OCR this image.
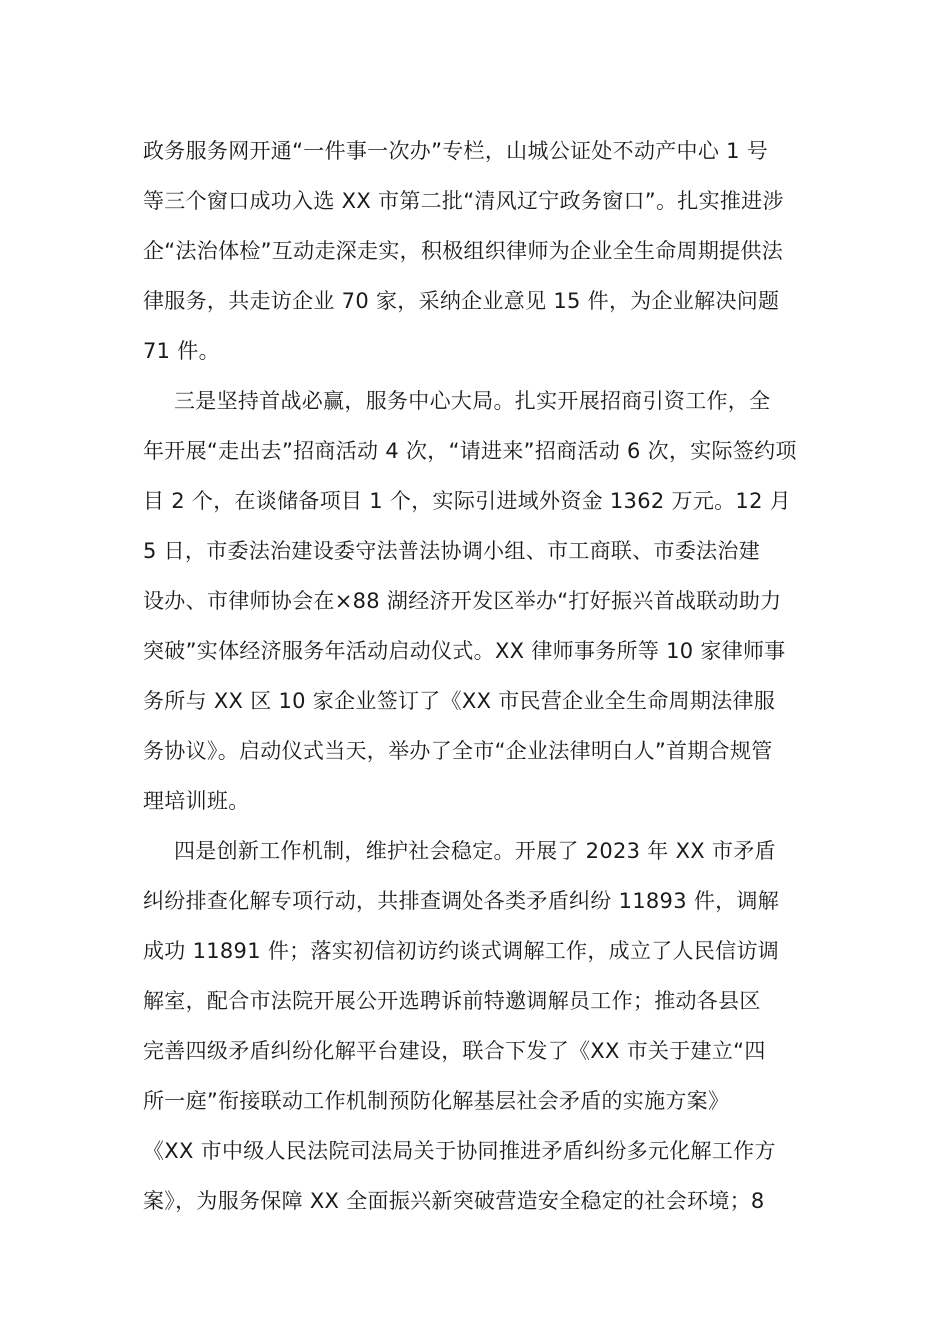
政务服务网开通“一件事一次办”专栏，山城公证处不动产中心 1 号
等三个窗口成功入选 XX 市第二批“清风辽宁政务窗口”。扎实推进涉
企“法治体检”互动走深走实，积极组织律师为企业全生命周期提供法
律服务，共走访企业 70 家，采纳企业意见 15 件，为企业解决问题
71 件。
三是坚持首战必赢，服务中心大局。扎实开展招商引资工作，全
年开展“走出去”招商活动 4 次，“请进来”招商活动 6 次，实际签约项
目 2 个，在谈储备项目 1 个，实际引进域外资金 1362 万元。12 月
5 日，市委法治建设委守法普法协调小组、市工商联、市委法治建
设办、市律师协会在×88 湖经济开发区举办“打好振兴首战联动助力
突破”实体经济服务年活动启动仪式。XX 律师事务所等 10 家律师事
务所与 XX 区 10 家企业签订了《XX 市民营企业全生命周期法律服
务协议》。启动仪式当天，举办了全市“企业法律明白人”首期合规管
理培训班。
四是创新工作机制，维护社会稳定。开展了 2023 年 XX 市矛盾
纠纷排查化解专项行动，共排查调处各类矛盾纠纷 11893 件，调解
成功 11891 件；落实初信初访约谈式调解工作，成立了人民信访调
解室，配合市法院开展公开选聘诉前特邀调解员工作；推动各县区
完善四级矛盾纠纷化解平台建设，联合下发了《XX 市关于建立“四
所一庭”衔接联动工作机制预防化解基层社会矛盾的实施方案》
《XX 市中级人民法院司法局关于协同推进矛盾纠纷多元化解工作方
案》，为服务保障 XX 全面振兴新突破营造安全稳定的社会环境；8
